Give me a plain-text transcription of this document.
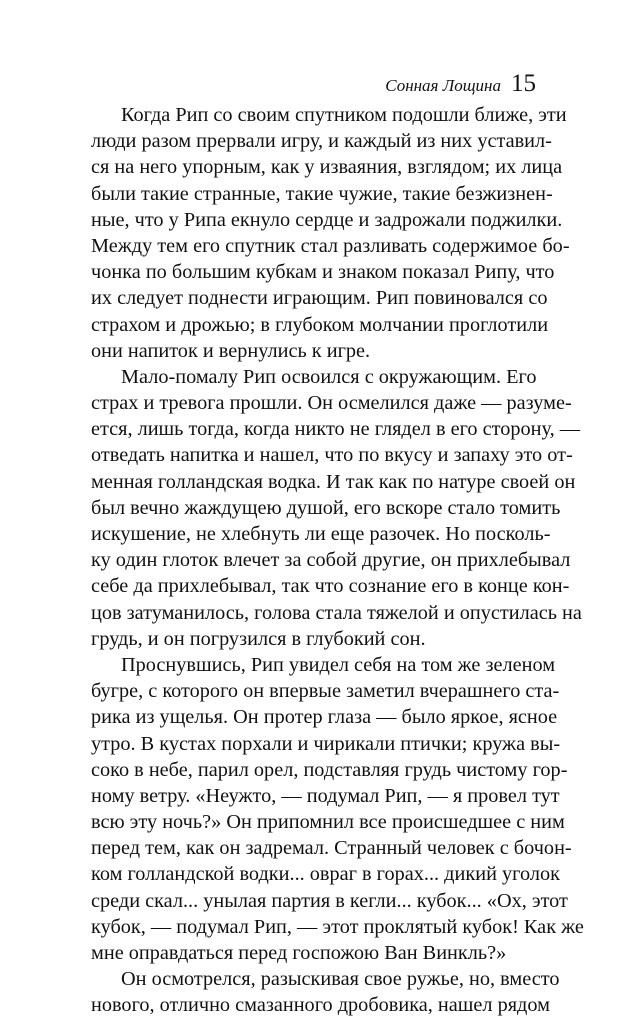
Сонная Лощина 15
Когда Рип со своим спутником подошли ближе, эти
люди разом прервали игру, и каждый из них уставил-
ся на него упорным, как у изваяния, взглядом; их лица
были такие странные, такие чужие, такие безжизнен-
ные, что у Рипа екнуло сердце и задрожали поджилки.
Между тем его спутник стал разливать содержимое бо-
чонка по большим кубкам и знаком показал Рипу, что
их следует поднести играющим. Рип повиновался со
страхом и дрожью; в глубоком молчании проглотили
они напиток и вернулись к игре.
Мало-помалу Рип освоился с окружающим. Его
страх и тревога прошли. Он осмелился даже — разуме-
ется, лишь тогда, когда никто не глядел в его сторону, —
отведать напитка и нашел, что по вкусу и запаху это от-
менная голландская водка. И так как по натуре своей он
был вечно жаждущею душой, его вскоре стало томить
искушение, не хлебнуть ли еще разочек. Но посколь-
ку один глоток влечет за собой другие, он прихлебывал
себе да прихлебывал, так что сознание его в конце кон-
цов затуманилось, голова стала тяжелой и опустилась на
грудь, и он погрузился в глубокий сон.
Проснувшись, Рип увидел себя на том же зеленом
бугре, с которого он впервые заметил вчерашнего ста-
рика из ущелья. Он протер глаза — было яркое, ясное
утро. В кустах порхали и чирикали птички; кружа вы-
соко в небе, парил орел, подставляя грудь чистому гор-
ному ветру. «Неужто, — подумал Рип, — я провел тут
всю эту ночь?» Он припомнил все происшедшее с ним
перед тем, как он задремал. Странный человек с бочон-
ком голландской водки... овраг в горах... дикий уголок
среди скал... унылая партия в кегли... кубок... «Ох, этот
кубок, — подумал Рип, — этот проклятый кубок! Как же
мне оправдаться перед госпожою Ван Винкль?»
Он осмотрелся, разыскивая свое ружье, но, вместо
нового, отлично смазанного дробовика, нашел рядом
